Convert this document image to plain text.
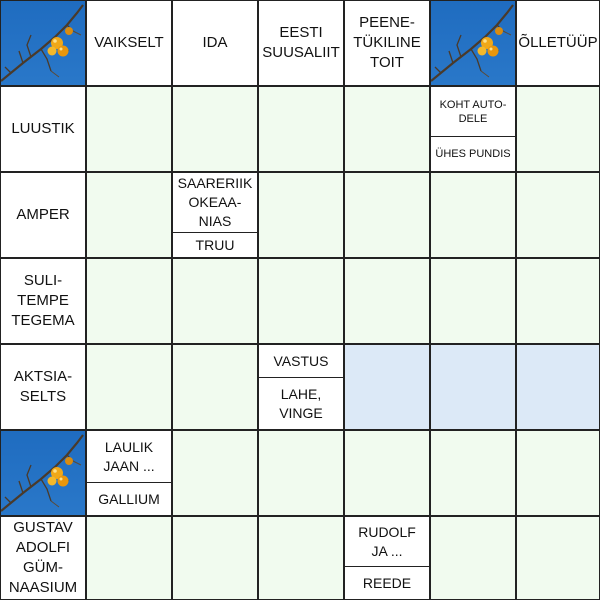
VAIKSELT	IDA
EESTI
SUUSALIIT
PEENE-
TÜKILINE
TOIT
ÕLLETÜÜP
LUUSTIK
KOHT AUTO-
DELE
ÜHES PUNDIS
AMPER
SAARERIIK
OKEAA-
NIAS
TRUU
SULI-
TEMPE
TEGEMA
AKTSIA-
SELTS
VASTUS
LAHE,
VINGE
LAULIK
JAAN ...
GALLIUM
GUSTAV
ADOLFI
GÜM-
NAASIUM
RUDOLF
JA ...
REEDE
